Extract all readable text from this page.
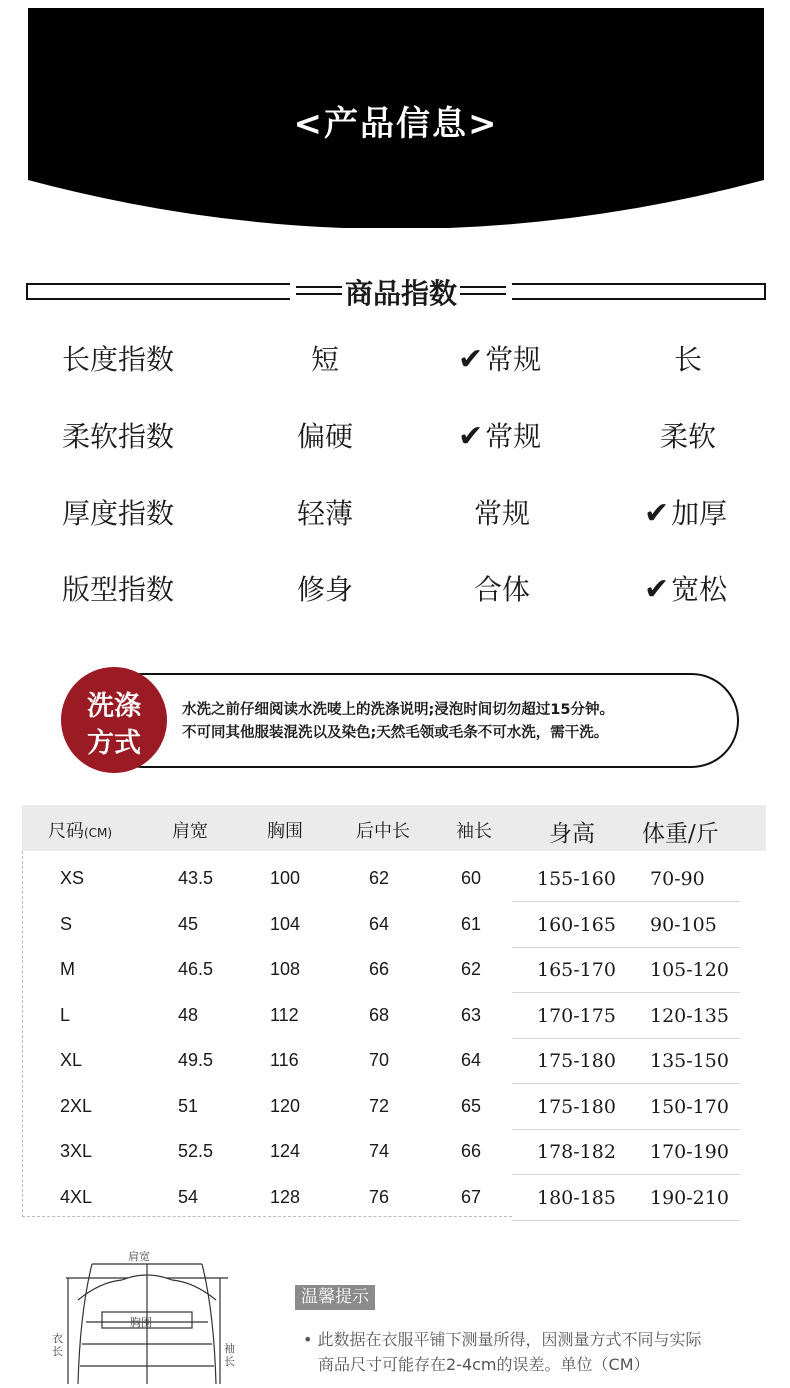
<产品信息>
商品指数
长度指数	短	✔常规	长
柔软指数	偏硬	✔常规	柔软
厚度指数	轻薄	常规	✔加厚
版型指数	修身	合体	✔宽松
洗涤
方式
水洗之前仔细阅读水洗唛上的洗涤说明;浸泡时间切勿超过15分钟。
不可同其他服装混洗以及染色;天然毛领或毛条不可水洗，需干洗。
尺码(CM)	肩宽	胸围	后中长	袖长 身高 体重/斤
XS	43.5	100	62	60	155-160 70-90
S	45	104	64	61	160-165 90-105
M	46.5	108	66	62	165-170 105-120
L	48	112	68	63	170-175 120-135
XL	49.5	116	70	64	175-180 135-150
2XL	51	120	72	65	175-180 150-170
3XL	52.5	124	74	66	178-182 170-190
4XL	54	128	76	67	180-185 190-210
肩宽
胸围
衣长	袖长
温馨提示
• 此数据在衣服平铺下测量所得，因测量方式不同与实际
商品尺寸可能存在2-4cm的误差。单位（CM）
